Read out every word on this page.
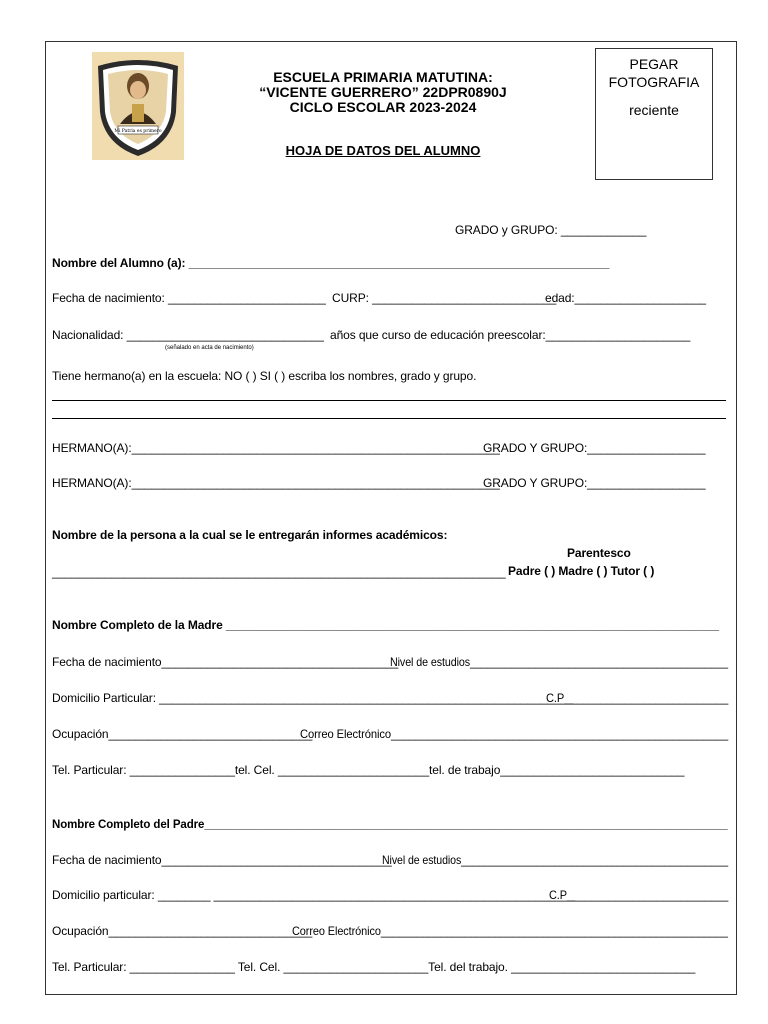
Mi Patria es primero
ESCUELA PRIMARIA MATUTINA:
“VICENTE GUERRERO” 22DPR0890J
CICLO ESCOLAR 2023-2024
HOJA DE DATOS DEL ALUMNO
PEGAR
FOTOGRAFIA
reciente
GRADO y GRUPO: _____________
Nombre del Alumno (a): ________________________________________________________________
Fecha de nacimiento: ________________________ CURP: ____________________________
edad:____________________
Nacionalidad: ______________________________
(señalado en acta de nacimiento)
años que curso de educación preescolar:______________________
Tiene hermano(a) en la escuela: NO ( ) SI ( ) escriba los nombres, grado y grupo.
HERMANO(A):________________________________________________________
GRADO Y GRUPO:__________________
HERMANO(A):________________________________________________________
GRADO Y GRUPO:__________________
Nombre de la persona a la cual se le entregarán informes académicos:
Parentesco
_____________________________________________________________________ Padre ( ) Madre ( ) Tutor ( )
Nombre Completo de la Madre ___________________________________________________________________________
Fecha de nacimiento____________________________________
Nivel de estudios____________________________________________
Domicilio Particular: _______________________________________________________________
C.P___________________________
Ocupación_______________________________
Correo Electrónico_______________________________________________________
Tel. Particular: ________________tel. Cel. _______________________tel. de trabajo____________________________
Nombre Completo del Padre___________________________________________________________________________________
Fecha de nacimiento___________________________________
Nivel de estudios______________________________________________
Domicilio particular: ________ _______________________________________________________
C.P___________________________
Ocupación_______________________________
Correo Electrónico__________________________________________________________
Tel. Particular: ________________ Tel. Cel. ______________________Tel. del trabajo. ____________________________
